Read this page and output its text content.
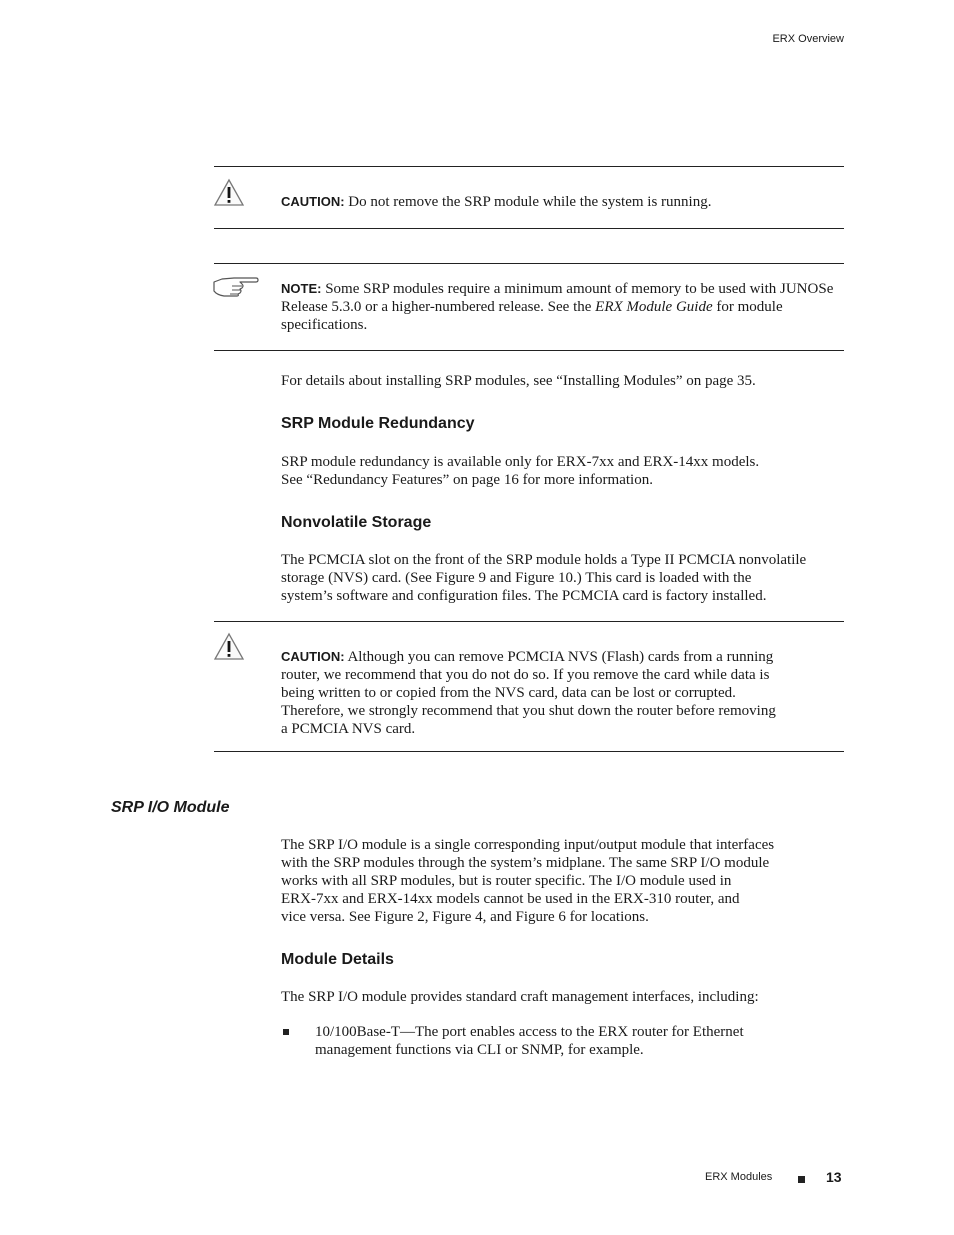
ERX Overview
CAUTION: Do not remove the SRP module while the system is running.
NOTE: Some SRP modules require a minimum amount of memory to be used with JUNOSe Release 5.3.0 or a higher-numbered release. See the ERX Module Guide for module specifications.
For details about installing SRP modules, see “Installing Modules” on page 35.
SRP Module Redundancy
SRP module redundancy is available only for ERX-7xx and ERX-14xx models.
See “Redundancy Features” on page 16 for more information.
Nonvolatile Storage
The PCMCIA slot on the front of the SRP module holds a Type II PCMCIA nonvolatile
storage (NVS) card. (See Figure 9 and Figure 10.) This card is loaded with the
system’s software and configuration files. The PCMCIA card is factory installed.
CAUTION: Although you can remove PCMCIA NVS (Flash) cards from a running
router, we recommend that you do not do so. If you remove the card while data is
being written to or copied from the NVS card, data can be lost or corrupted.
Therefore, we strongly recommend that you shut down the router before removing
a PCMCIA NVS card.
SRP I/O Module
The SRP I/O module is a single corresponding input/output module that interfaces
with the SRP modules through the system’s midplane. The same SRP I/O module
works with all SRP modules, but is router specific. The I/O module used in
ERX-7xx and ERX-14xx models cannot be used in the ERX-310 router, and
vice versa. See Figure 2, Figure 4, and Figure 6 for locations.
Module Details
The SRP I/O module provides standard craft management interfaces, including:
10/100Base-T—The port enables access to the ERX router for Ethernet
management functions via CLI or SNMP, for example.
ERX Modules	13
